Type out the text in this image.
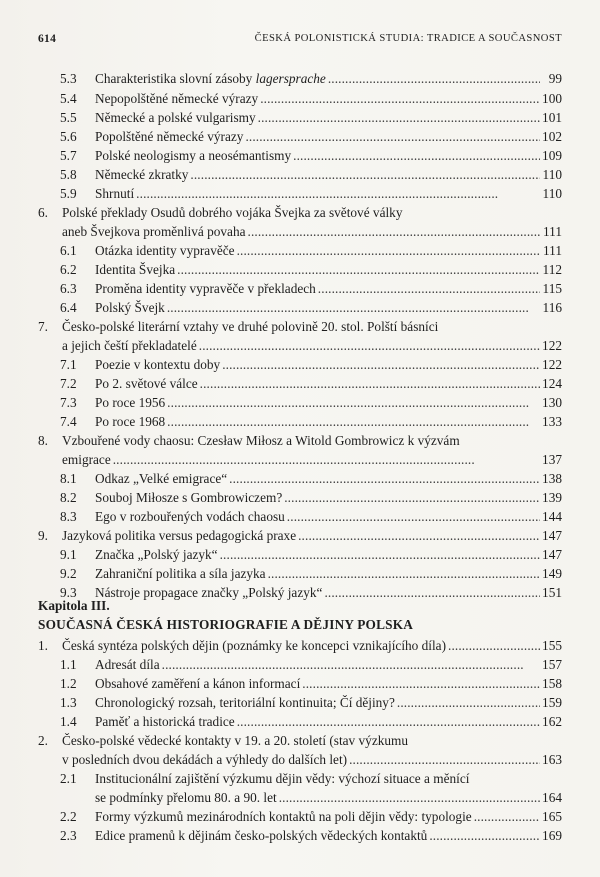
614	ČESKÁ POLONISTICKÁ STUDIA: TRADICE A SOUČASNOST
5.3	Charakteristika slovní zásoby lagersprache . . .	99
5.4	Nepopolštěné německé výrazy . . .	100
5.5	Německé a polské vulgarismy . . .	101
5.6	Popolštěné německé výrazy . . .	102
5.7	Polské neologismy a neosémantismy . . .	109
5.8	Německé zkratky . . .	110
5.9	Shrnutí . . .	110
6. Polské překlady Osudů dobrého vojáka Švejka za světové války
aneb Švejkova proměnlivá povaha . . .	111
6.1	Otázka identity vypravěče . . .	111
6.2	Identita Švejka . . .	112
6.3	Proměna identity vypravěče v překladech . . .	115
6.4	Polský Švejk . . .	116
7. Česko-polské literární vztahy ve druhé polovině 20. stol. Polští básníci
a jejich čeští překladatelé . . .	122
7.1	Poezie v kontextu doby . . .	122
7.2	Po 2. světové válce . . .	124
7.3	Po roce 1956 . . .	130
7.4	Po roce 1968 . . .	133
8. Vzbouřené vody chaosu: Czesław Miłosz a Witold Gombrowicz k výzvám
emigrace . . .	137
8.1	Odkaz „Velké emigrace“ . . .	138
8.2	Souboj Miłosze s Gombrowiczem? . . .	139
8.3	Ego v rozbouřených vodách chaosu . . .	144
9.	Jazyková politika versus pedagogická praxe . . .	147
9.1	Značka „Polský jazyk“ . . .	147
9.2	Zahraniční politika a síla jazyka . . .	149
9.3	Nástroje propagace značky „Polský jazyk“ . . .	151
Kapitola III.
SOUČASNÁ ČESKÁ HISTORIOGRAFIE A DĚJINY POLSKA
1.	Česká syntéza polských dějin (poznámky ke koncepci vznikajícího díla) . . .	155
1.1	Adresát díla . . .	157
1.2	Obsahové zaměření a kánon informací . . .	158
1.3	Chronologický rozsah, teritoriální kontinuita; Čí dějiny? . . .	159
1.4	Paměť a historická tradice . . .	162
2. Česko-polské vědecké kontakty v 19. a 20. století (stav výzkumu
v posledních dvou dekádách a výhledy do dalších let) . . .	163
2.1 Institucionální zajištění výzkumu dějin vědy: výchozí situace a měnící
se podmínky přelomu 80. a 90. let . . .	164
2.2	Formy výzkumů mezinárodních kontaktů na poli dějin vědy: typologie . . .	165
2.3	Edice pramenů k dějinám česko-polských vědeckých kontaktů . . .	169
